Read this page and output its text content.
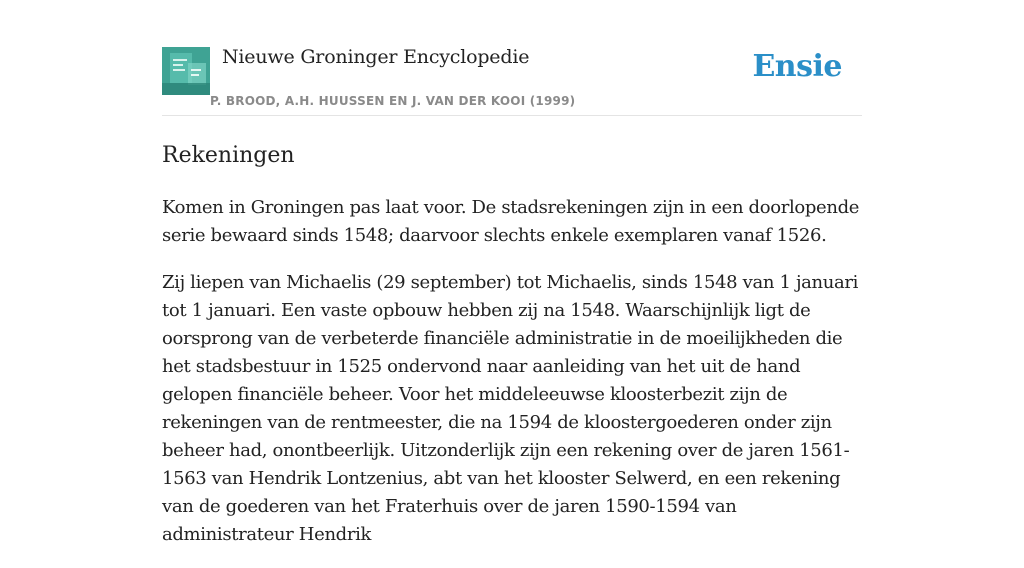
Nieuwe Groninger Encyclopedie
P. BROOD, A.H. HUUSSEN EN J. VAN DER KOOI (1999)
Ensie
Rekeningen

Komen in Groningen pas laat voor. De stadsrekeningen zijn in een doorlopende serie bewaard sinds 1548; daarvoor slechts enkele exemplaren vanaf 1526.

Zij liepen van Michaelis (29 september) tot Michaelis, sinds 1548 van 1 januari tot 1 januari. Een vaste opbouw hebben zij na 1548. Waarschijnlijk ligt de oorsprong van de verbeterde financiële administratie in de moeilijkheden die het stadsbestuur in 1525 ondervond naar aanleiding van het uit de hand gelopen financiële beheer. Voor het middeleeuwse kloosterbezit zijn de rekeningen van de rentmeester, die na 1594 de kloostergoederen onder zijn beheer had, onontbeerlijk. Uitzonderlijk zijn een rekening over de jaren 1561-1563 van Hendrik Lontzenius, abt van het klooster Selwerd, en een rekening van de goederen van het Fraterhuis over de jaren 1590-1594 van administrateur Hendrik
